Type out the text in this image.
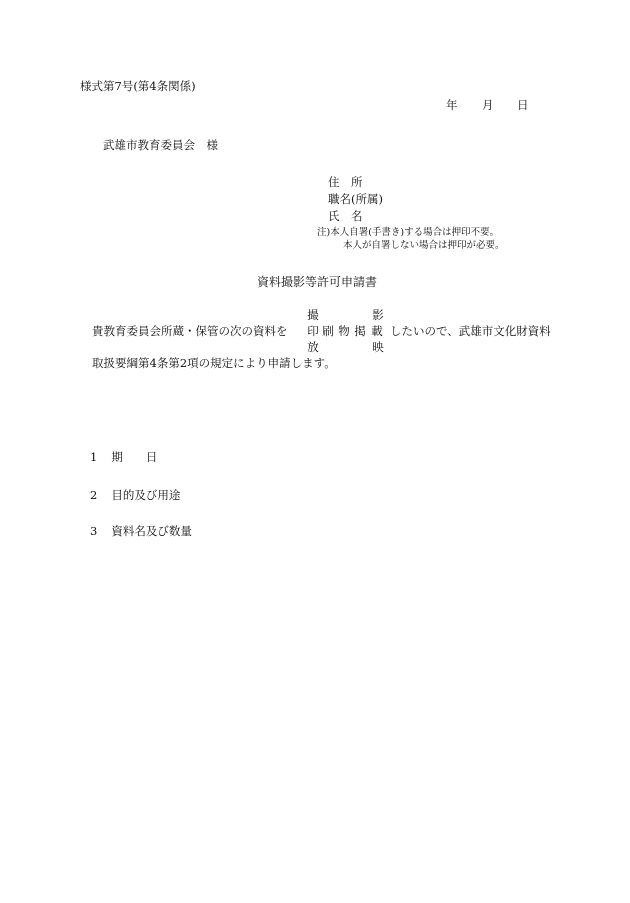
様式第7号(第4条関係)
年 月 日
武雄市教育委員会　様
住　所
職名(所属)
氏　名
注)本人自署(手書き)する場合は押印不要。
本人が自署しない場合は押印が必要。
資料撮影等許可申請書
貴教育委員会所蔵・保管の次の資料を
撮	影
印 刷 掲 載
放	映
物	したいので、武雄市文化財資料
取扱要綱第4条第2項の規定により申請します。
1 期　　日
2 目的及び用途
3 資料名及び数量
